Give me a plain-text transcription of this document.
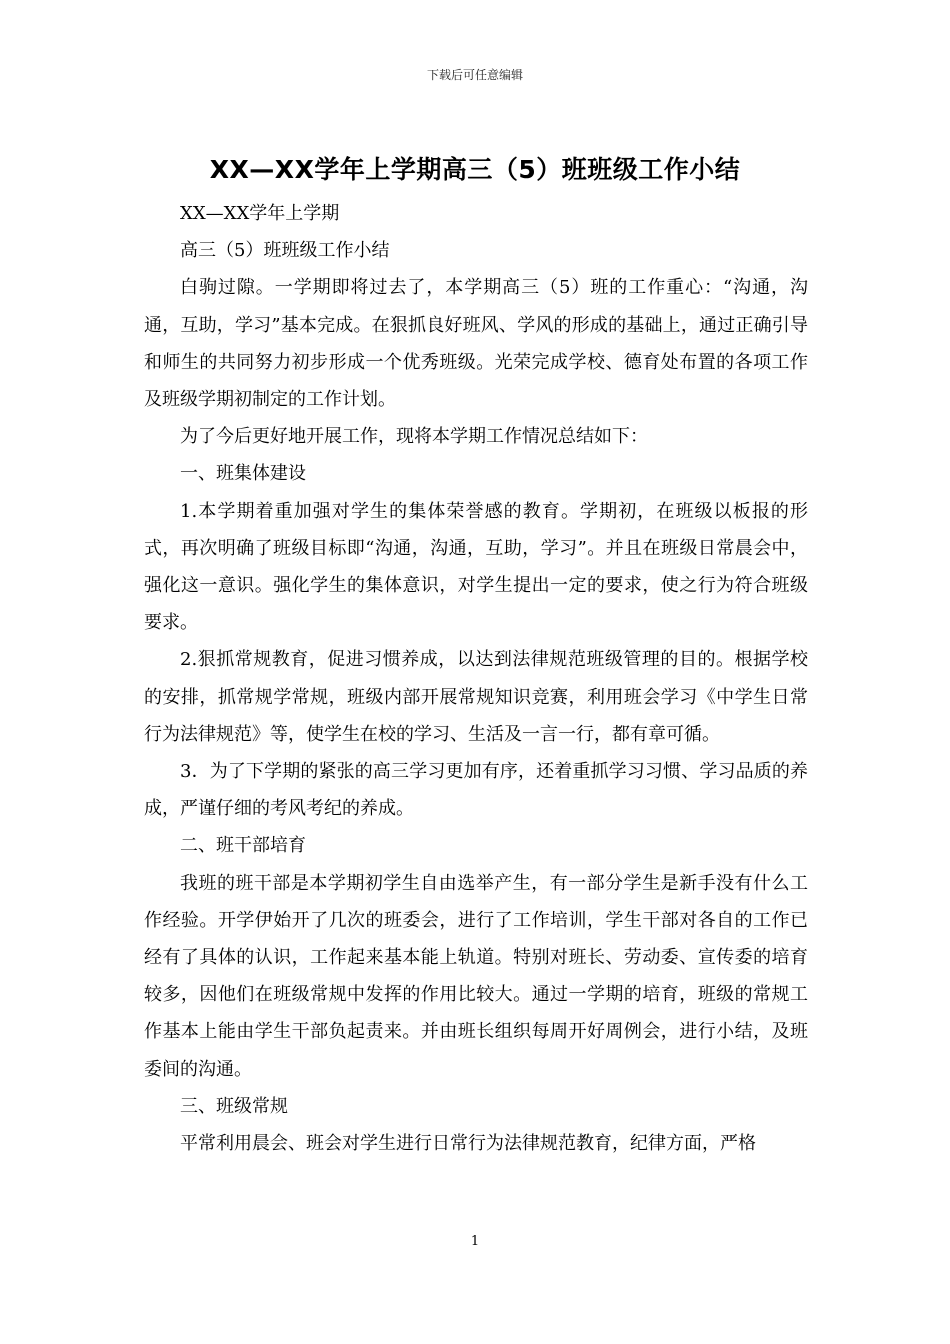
下载后可任意编辑
XX—XX学年上学期高三（5）班班级工作小结

XX—XX学年上学期

高三（5）班班级工作小结

白驹过隙。一学期即将过去了，本学期高三（5）班的工作重心：“沟通，沟通，互助，学习”基本完成。在狠抓良好班风、学风的形成的基础上，通过正确引导和师生的共同努力初步形成一个优秀班级。光荣完成学校、德育处布置的各项工作及班级学期初制定的工作计划。

为了今后更好地开展工作，现将本学期工作情况总结如下：

一、班集体建设

1.本学期着重加强对学生的集体荣誉感的教育。学期初，在班级以板报的形式，再次明确了班级目标即“沟通，沟通，互助，学习”。并且在班级日常晨会中，强化这一意识。强化学生的集体意识，对学生提出一定的要求，使之行为符合班级要求。

2.狠抓常规教育，促进习惯养成，以达到法律规范班级管理的目的。根据学校的安排，抓常规学常规，班级内部开展常规知识竞赛，利用班会学习《中学生日常行为法律规范》等，使学生在校的学习、生活及一言一行，都有章可循。

3．为了下学期的紧张的高三学习更加有序，还着重抓学习习惯、学习品质的养成，严谨仔细的考风考纪的养成。

二、班干部培育

我班的班干部是本学期初学生自由选举产生，有一部分学生是新手没有什么工作经验。开学伊始开了几次的班委会，进行了工作培训，学生干部对各自的工作已经有了具体的认识，工作起来基本能上轨道。特别对班长、劳动委、宣传委的培育较多，因他们在班级常规中发挥的作用比较大。通过一学期的培育，班级的常规工作基本上能由学生干部负起责来。并由班长组织每周开好周例会，进行小结，及班委间的沟通。

三、班级常规

平常利用晨会、班会对学生进行日常行为法律规范教育，纪律方面，严格

1
